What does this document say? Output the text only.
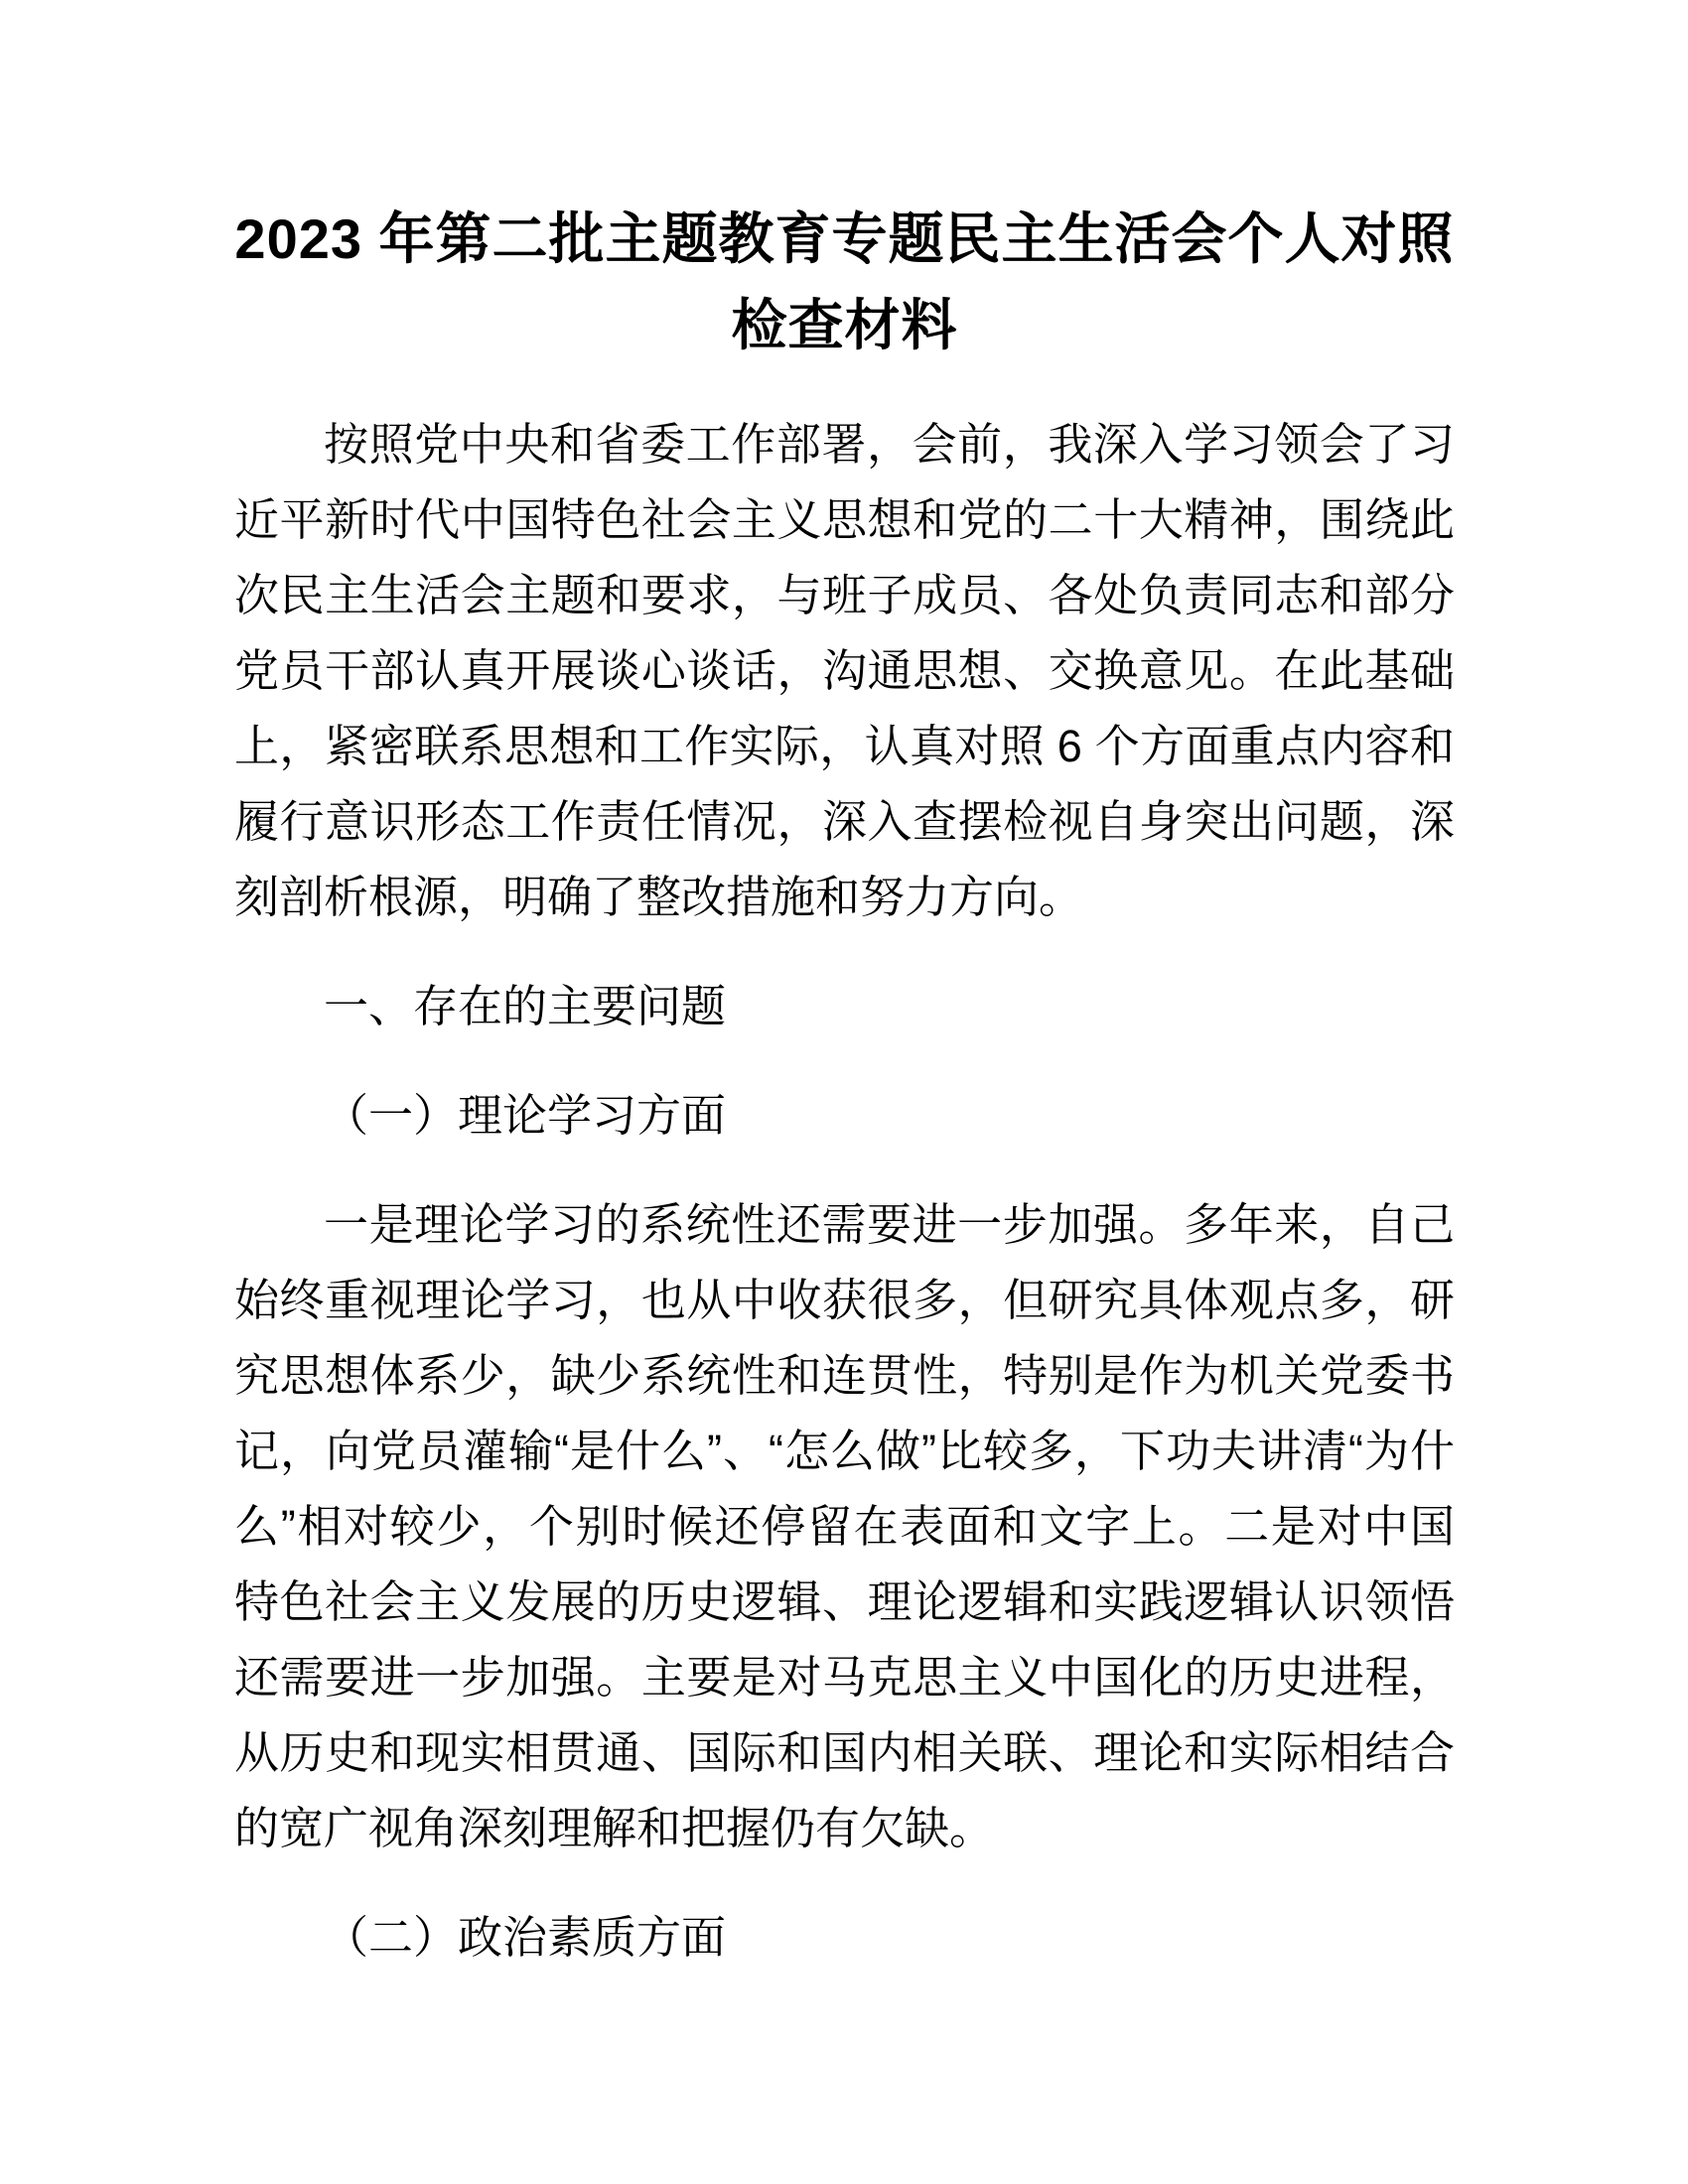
2023 年第二批主题教育专题民主生活会个人对照检查材料

按照党中央和省委工作部署，会前，我深入学习领会了习近平新时代中国特色社会主义思想和党的二十大精神，围绕此次民主生活会主题和要求，与班子成员、各处负责同志和部分党员干部认真开展谈心谈话，沟通思想、交换意见。在此基础上，紧密联系思想和工作实际，认真对照 6 个方面重点内容和履行意识形态工作责任情况，深入查摆检视自身突出问题，深刻剖析根源，明确了整改措施和努力方向。

一、存在的主要问题

（一）理论学习方面

一是理论学习的系统性还需要进一步加强。多年来，自己始终重视理论学习，也从中收获很多，但研究具体观点多，研究思想体系少，缺少系统性和连贯性，特别是作为机关党委书记，向党员灌输“是什么”、“怎么做”比较多，下功夫讲清“为什么”相对较少，个别时候还停留在表面和文字上。二是对中国特色社会主义发展的历史逻辑、理论逻辑和实践逻辑认识领悟还需要进一步加强。主要是对马克思主义中国化的历史进程，从历史和现实相贯通、国际和国内相关联、理论和实际相结合的宽广视角深刻理解和把握仍有欠缺。

（二）政治素质方面
